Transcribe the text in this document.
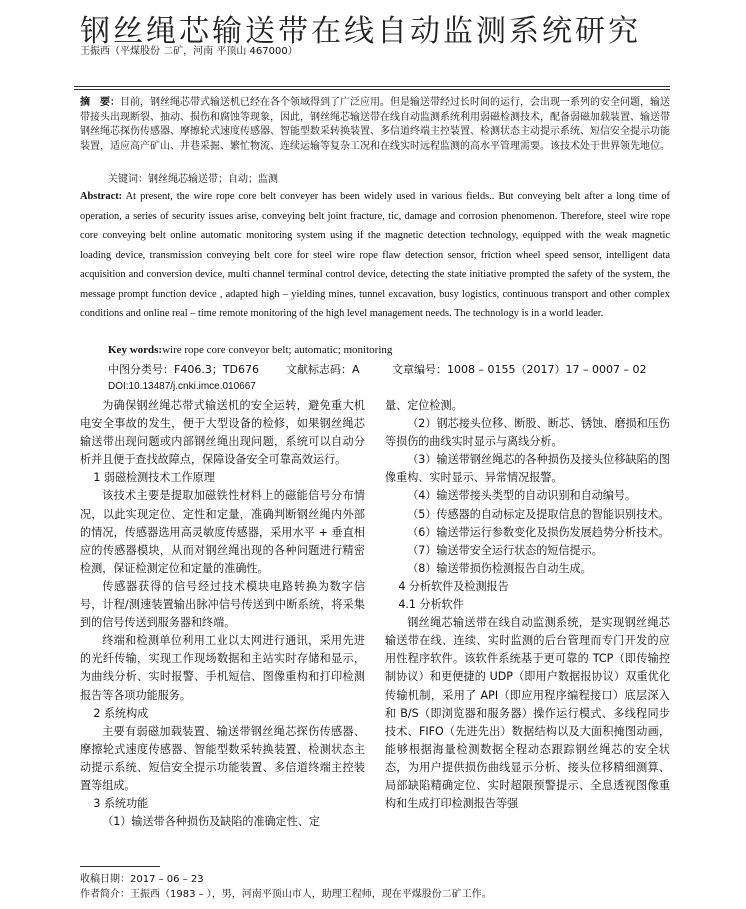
钢丝绳芯输送带在线自动监测系统研究
王振西（平煤股份 二矿，河南 平顶山 467000）
摘　要：目前，钢丝绳芯带式输送机已经在各个领域得到了广泛应用。但是输送带经过长时间的运行，会出现一系列的安全问题，输送带接头出现断裂、抽动、损伤和腐蚀等现象，因此，钢丝绳芯输送带在线自动监测系统利用弱磁检测技术，配备弱磁加载装置、输送带钢丝绳芯探伤传感器、摩擦轮式速度传感器、智能型数采转换装置、多信道终端主控装置、检测状态主动提示系统、短信安全提示功能装置，适应高产矿山、井巷采掘、繁忙物流、连续运输等复杂工况和在线实时远程监测的高水平管理需要。该技术处于世界领先地位。
关键词：钢丝绳芯输送带；自动；监测
Abstract: At present, the wire rope core belt conveyer has been widely used in various fields.. But conveying belt after a long time of operation, a series of security issues arise, conveying belt joint fracture, tic, damage and corrosion phenomenon. Therefore, steel wire rope core conveying belt online automatic monitoring system using if the magnetic detection technology, equipped with the weak magnetic loading device, transmission conveying belt core for steel wire rope flaw detection sensor, friction wheel speed sensor, intelligent data acquisition and conversion device, multi channel terminal control device, detecting the state initiative prompted the safety of the system, the message prompt function device , adapted high – yielding mines, tunnel excavation, busy logistics, continuous transport and other complex conditions and online real – time remote monitoring of the high level management needs. The technology is in a world leader.
Key words:wire rope core conveyor belt; automatic; monitoring
中图分类号：F406.3；TD676 文献标志码：A	文章编号：1008 – 0155（2017）17 – 0007 – 02
DOI:10.13487/j.cnki.imce.010667

为确保钢丝绳芯带式输送机的安全运转，避免重大机电安全事故的发生，便于大型设备的检修，如果钢丝绳芯输送带出现问题或内部钢丝绳出现问题，系统可以自动分析并且便于查找故障点，保障设备安全可靠高效运行。

1 弱磁检测技术工作原理

该技术主要是提取加磁铁性材料上的磁能信号分布情况，以此实现定位、定性和定量，准确判断钢丝绳内外部的情况，传感器选用高灵敏度传感器，采用水平 + 垂直相应的传感器模块，从而对钢丝绳出现的各种问题进行精密检测，保证检测定位和定量的准确性。

传感器获得的信号经过技术模块电路转换为数字信号，计程/测速装置输出脉冲信号传送到中断系统，将采集到的信号传送到服务器和终端。

终端和检测单位利用工业以太网进行通讯，采用先进的光纤传输，实现工作现场数据和主站实时存储和显示，为曲线分析、实时报警、手机短信、图像重构和打印检测报告等各项功能服务。

2 系统构成

主要有弱磁加载装置、输送带钢丝绳芯探伤传感器、摩擦轮式速度传感器、智能型数采转换装置、检测状态主动提示系统、短信安全提示功能装置、多信道终端主控装置等组成。

3 系统功能

（1）输送带各种损伤及缺陷的准确定性、定

量、定位检测。

（2）钢芯接头位移、断股、断芯、锈蚀、磨损和压伤等损伤的曲线实时显示与离线分析。

（3）输送带钢丝绳芯的各种损伤及接头位移缺陷的图像重构、实时显示、异常情况报警。

（4）输送带接头类型的自动识别和自动编号。

（5）传感器的自动标定及提取信息的智能识别技术。

（6）输送带运行参数变化及损伤发展趋势分析技术。

（7）输送带安全运行状态的短信提示。

（8）输送带损伤检测报告自动生成。

4 分析软件及检测报告

4.1 分析软件

钢丝绳芯输送带在线自动监测系统，是实现钢丝绳芯输送带在线、连续、实时监测的后台管理而专门开发的应用性程序软件。该软件系统基于更可靠的 TCP（即传输控制协议）和更便捷的 UDP（即用户数据报协议）双重优化传输机制，采用了 API（即应用程序编程接口）底层深入和 B/S（即浏览器和服务器）操作运行模式、多线程同步技术、FIFO（先进先出）数据结构以及大面积掩图动画，能够根据海量检测数据全程动态跟踪钢丝绳芯的安全状态，为用户提供损伤曲线显示分析、接头位移精细测算、局部缺陷精确定位、实时超限预警提示、全息透视图像重构和生成打印检测报告等强

收稿日期：2017 – 06 – 23
作者简介：王振西（1983 – ），男，河南平顶山市人，助理工程师，现在平煤股份二矿工作。
